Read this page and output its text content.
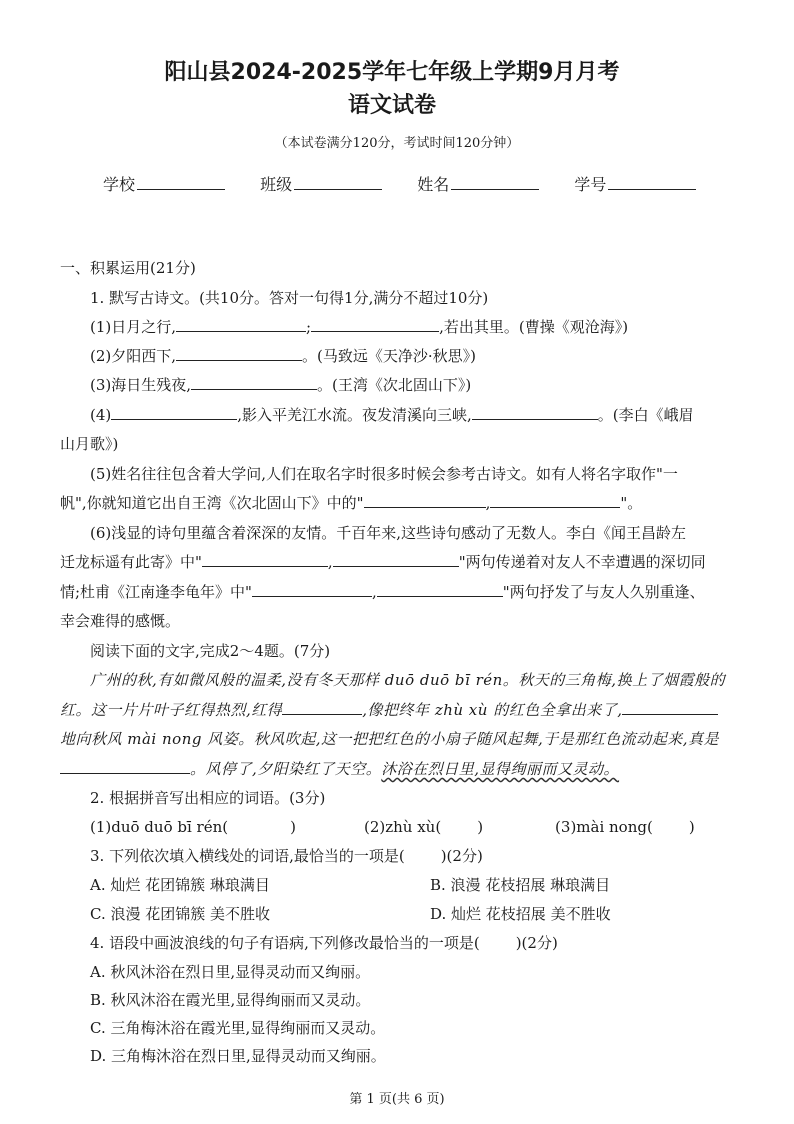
阳山县2024-2025学年七年级上学期9月月考
语文试卷
（本试卷满分120分，考试时间120分钟）
学校	班级	姓名	学号
一、积累运用(21分)
1. 默写古诗文。(共10分。答对一句得1分,满分不超过10分)
(1)日月之行,	;	,若出其里。(曹操《观沧海》)
(2)夕阳西下,	。(马致远《天净沙·秋思》)
(3)海日生残夜,	。(王湾《次北固山下》)
(4)	,影入平羌江水流。夜发清溪向三峡,	。(李白《峨眉
山月歌》)
(5)姓名往往包含着大学问,人们在取名字时很多时候会参考古诗文。如有人将名字取作"一
帆",你就知道它出自王湾《次北固山下》中的"	,	"。
(6)浅显的诗句里蕴含着深深的友情。千百年来,这些诗句感动了无数人。李白《闻王昌龄左
迁龙标遥有此寄》中"	,	"两句传递着对友人不幸遭遇的深切同
情;杜甫《江南逢李龟年》中"	,	"两句抒发了与友人久别重逢、
幸会难得的感慨。
阅读下面的文字,完成2～4题。(7分)
广州的秋,有如微风般的温柔,没有冬天那样 duō duō bī rén。秋天的三角梅,换上了烟霞般的
红。这一片片叶子红得热烈,红得	,像把终年 zhù xù 的红色全拿出来了,
地向秋风 mài nong 风姿。秋风吹起,这一把把红色的小扇子随风起舞,于是那红色流动起来,真是
。风停了,夕阳染红了天空。沐浴在烈日里,显得绚丽而又灵动。
2. 根据拼音写出相应的词语。(3分)
(1)duō duō bī rén(	)	(2)zhù xù( )	(3)mài nong( )
3. 下列依次填入横线处的词语,最恰当的一项是( )(2分)
A. 灿烂 花团锦簇 琳琅满目	B. 浪漫 花枝招展 琳琅满目
C. 浪漫 花团锦簇 美不胜收	D. 灿烂 花枝招展 美不胜收
4. 语段中画波浪线的句子有语病,下列修改最恰当的一项是( )(2分)
A. 秋风沐浴在烈日里,显得灵动而又绚丽。
B. 秋风沐浴在霞光里,显得绚丽而又灵动。
C. 三角梅沐浴在霞光里,显得绚丽而又灵动。
D. 三角梅沐浴在烈日里,显得灵动而又绚丽。
第 1 页(共 6 页)
